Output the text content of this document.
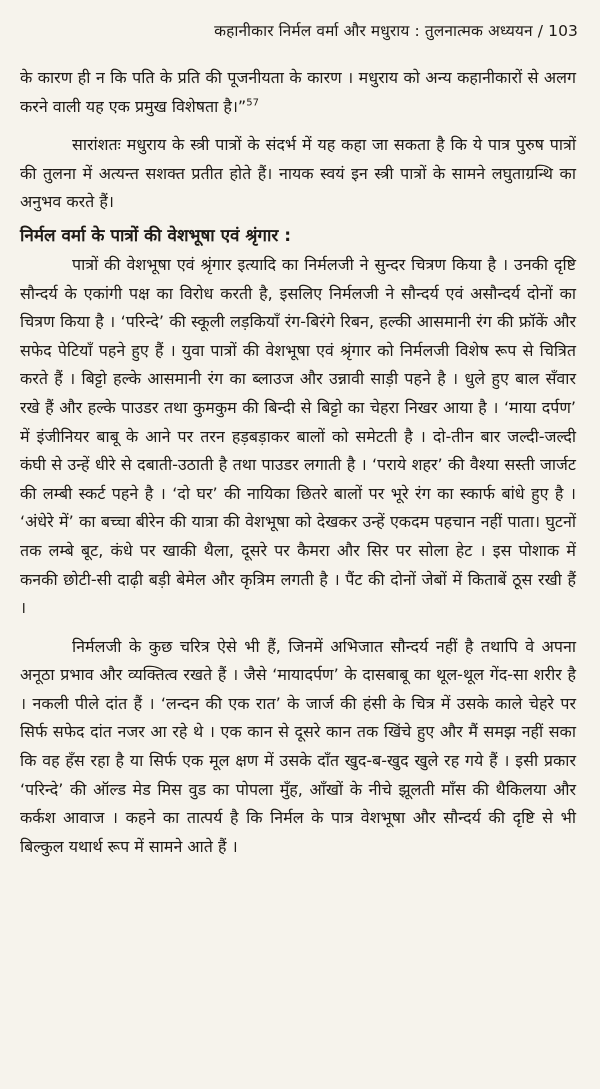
कहानीकार निर्मल वर्मा और मधुराय : तुलनात्मक अध्ययन / 103

के कारण ही न कि पति के प्रति की पूजनीयता के कारण । मधुराय को अन्य कहानीकारों से अलग करने वाली यह एक प्रमुख विशेषता है।”$^{57}$

सारांशतः मधुराय के स्त्री पात्रों के संदर्भ में यह कहा जा सकता है कि ये पात्र पुरुष पात्रों की तुलना में अत्यन्त सशक्त प्रतीत होते हैं। नायक स्वयं इन स्त्री पात्रों के सामने लघुताग्रन्थि का अनुभव करते हैं।

निर्मल वर्मा के पात्रों की वेशभूषा एवं श्रृंगार :

पात्रों की वेशभूषा एवं श्रृंगार इत्यादि का निर्मलजी ने सुन्दर चित्रण किया है । उनकी दृष्टि सौन्दर्य के एकांगी पक्ष का विरोध करती है, इसलिए निर्मलजी ने सौन्दर्य एवं असौन्दर्य दोनों का चित्रण किया है । ‘परिन्दे’ की स्कूली लड़कियाँ रंग-बिरंगे रिबन, हल्की आसमानी रंग की फ्रॉकें और सफेद पेटियाँ पहने हुए हैं । युवा पात्रों की वेशभूषा एवं श्रृंगार को निर्मलजी विशेष रूप से चित्रित करते हैं । बिट्टो हल्के आसमानी रंग का ब्लाउज और उन्नावी साड़ी पहने है । धुले हुए बाल सँवार रखे हैं और हल्के पाउडर तथा कुमकुम की बिन्दी से बिट्टो का चेहरा निखर आया है । ‘माया दर्पण’ में इंजीनियर बाबू के आने पर तरन हड़बड़ाकर बालों को समेटती है । दो-तीन बार जल्दी-जल्दी कंघी से उन्हें धीरे से दबाती-उठाती है तथा पाउडर लगाती है । ‘पराये शहर’ की वैश्या सस्ती जार्जट की लम्बी स्कर्ट पहने है । ‘दो घर’ की नायिका छितरे बालों पर भूरे रंग का स्कार्फ बांधे हुए है । ‘अंधेरे में’ का बच्चा बीरेन की यात्रा की वेशभूषा को देखकर उन्हें एकदम पहचान नहीं पाता। घुटनों तक लम्बे बूट, कंधे पर खाकी थैला, दूसरे पर कैमरा और सिर पर सोला हेट । इस पोशाक में कनकी छोटी-सी दाढ़ी बड़ी बेमेल और कृत्रिम लगती है । पैंट की दोनों जेबों में किताबें ठूस रखी हैं ।

निर्मलजी के कुछ चरित्र ऐसे भी हैं, जिनमें अभिजात सौन्दर्य नहीं है तथापि वे अपना अनूठा प्रभाव और व्यक्तित्व रखते हैं । जैसे ‘मायादर्पण’ के दासबाबू का थूल-थूल गेंद-सा शरीर है । नकली पीले दांत हैं । ‘लन्दन की एक रात’ के जार्ज की हंसी के चित्र में उसके काले चेहरे पर सिर्फ सफेद दांत नजर आ रहे थे । एक कान से दूसरे कान तक खिंचे हुए और मैं समझ नहीं सका कि वह हँस रहा है या सिर्फ एक मूल क्षण में उसके दाँत खुद-ब-खुद खुले रह गये हैं । इसी प्रकार ‘परिन्दे’ की ऑल्ड मेड मिस वुड का पोपला मुँह, आँखों के नीचे झूलती माँस की थैकिलया और कर्कश आवाज । कहने का तात्पर्य है कि निर्मल के पात्र वेशभूषा और सौन्दर्य की दृष्टि से भी बिल्कुल यथार्थ रूप में सामने आते हैं ।
